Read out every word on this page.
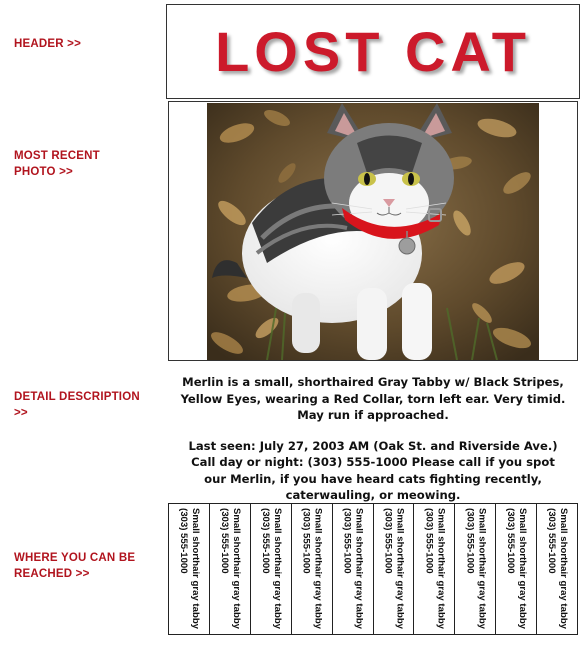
HEADER >>
MOST RECENT
PHOTO >>
DETAIL DESCRIPTION
>>
WHERE YOU CAN BE
REACHED >>
LOST CAT

Merlin is a small, shorthaired Gray Tabby w/ Black Stripes,

Yellow Eyes, wearing a Red Collar, torn left ear. Very timid.

May run if approached.

Last seen: July 27, 2003 AM (Oak St. and Riverside Ave.)

Call day or night: (303) 555-1000 Please call if you spot

our Merlin, if you have heard cats fighting recently,

caterwauling, or meowing.

Small shorthair gray tabby
(303) 555-1000	Small shorthair gray tabby
(303) 555-1000	Small shorthair gray tabby
(303) 555-1000	Small shorthair gray tabby
(303) 555-1000	Small shorthair gray tabby
(303) 555-1000	Small shorthair gray tabby
(303) 555-1000	Small shorthair gray tabby
(303) 555-1000	Small shorthair gray tabby
(303) 555-1000	Small shorthair gray tabby
(303) 555-1000	Small shorthair gray tabby
(303) 555-1000
